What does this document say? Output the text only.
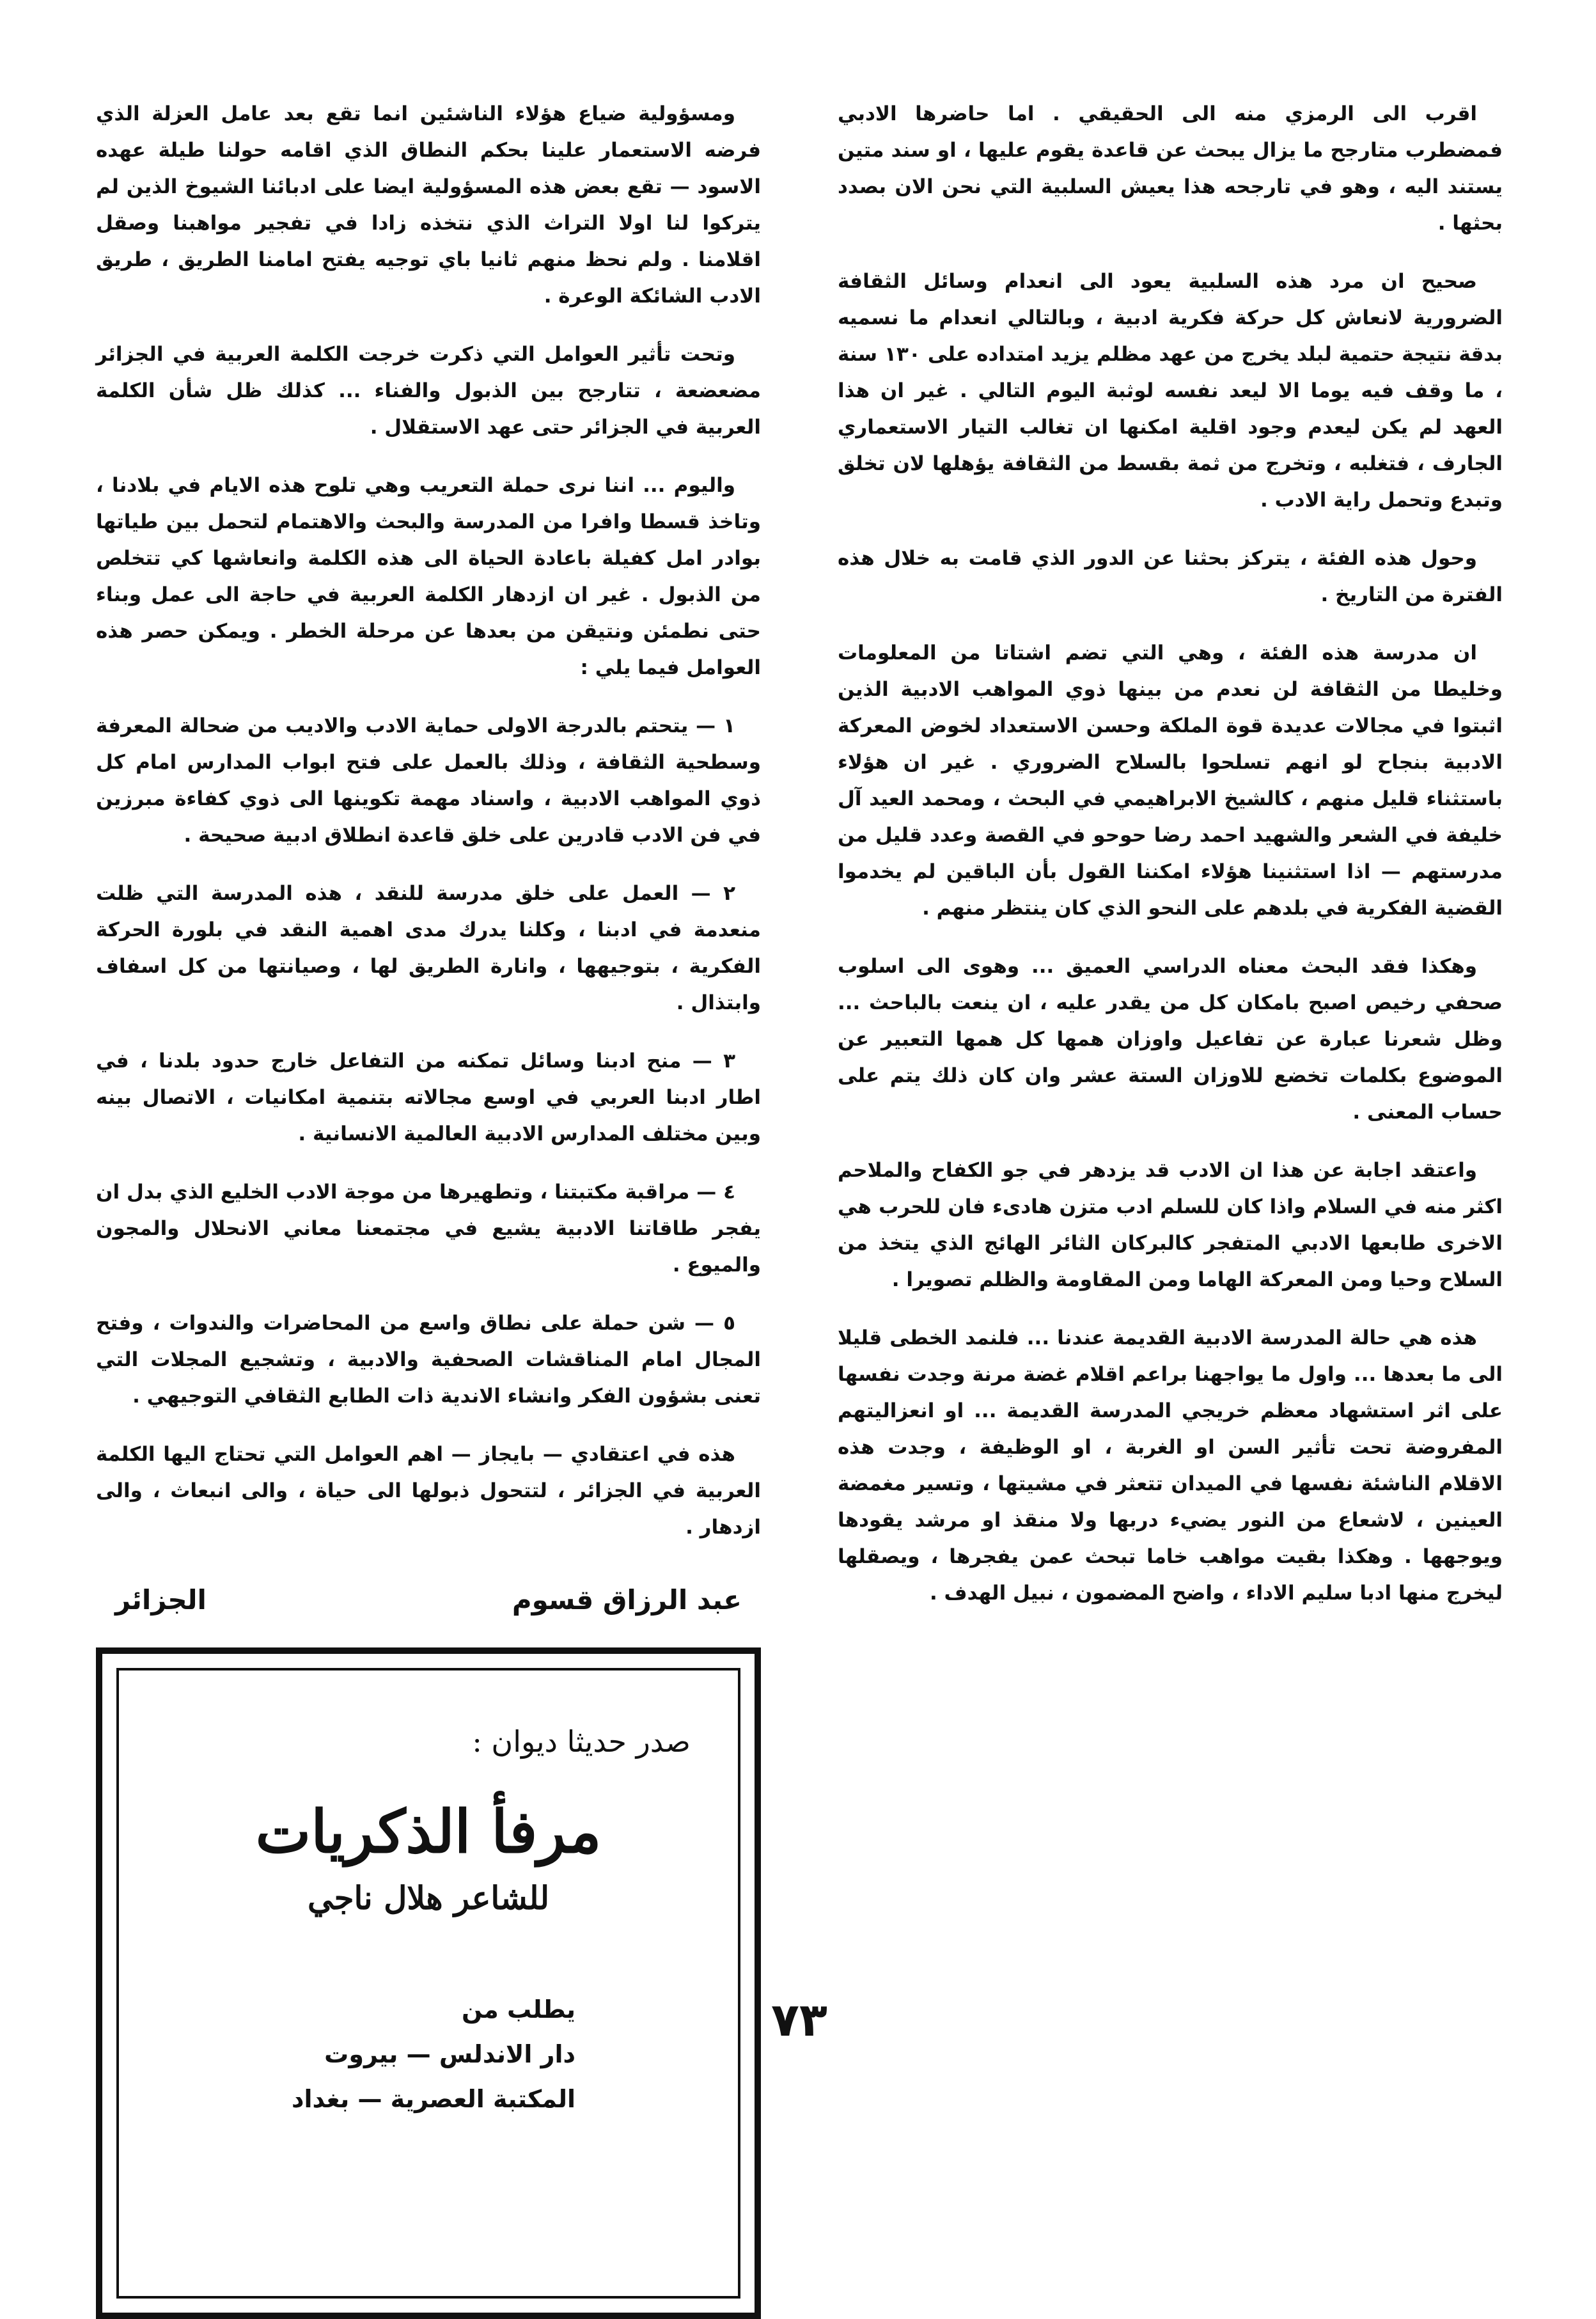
اقرب الى الرمزي منه الى الحقيقي . اما حاضرها الادبي فمضطرب متارجح ما يزال يبحث عن قاعدة يقوم عليها ، او سند متين يستند اليه ، وهو في تارجحه هذا يعيش السلبية التي نحن الان بصدد بحثها .

صحيح ان مرد هذه السلبية يعود الى انعدام وسائل الثقافة الضرورية لانعاش كل حركة فكرية ادبية ، وبالتالي انعدام ما نسميه بدقة نتيجة حتمية لبلد يخرج من عهد مظلم يزيد امتداده على ١٣٠ سنة ، ما وقف فيه يوما الا ليعد نفسه لوثبة اليوم التالي . غير ان هذا العهد لم يكن ليعدم وجود اقلية امكنها ان تغالب التيار الاستعماري الجارف ، فتغلبه ، وتخرج من ثمة بقسط من الثقافة يؤهلها لان تخلق وتبدع وتحمل راية الادب .

وحول هذه الفئة ، يتركز بحثنا عن الدور الذي قامت به خلال هذه الفترة من التاريخ .

ان مدرسة هذه الفئة ، وهي التي تضم اشتاتا من المعلومات وخليطا من الثقافة لن نعدم من بينها ذوي المواهب الادبية الذين اثبتوا في مجالات عديدة قوة الملكة وحسن الاستعداد لخوض المعركة الادبية بنجاح لو انهم تسلحوا بالسلاح الضروري . غير ان هؤلاء باستثناء قليل منهم ، كالشيخ الابراهيمي في البحث ، ومحمد العيد آل خليفة في الشعر والشهيد احمد رضا حوحو في القصة وعدد قليل من مدرستهم — اذا استثنينا هؤلاء امكننا القول بأن الباقين لم يخدموا القضية الفكرية في بلدهم على النحو الذي كان ينتظر منهم .

وهكذا فقد البحث معناه الدراسي العميق ... وهوى الى اسلوب صحفي رخيص اصبح بامكان كل من يقدر عليه ، ان ينعت بالباحث ... وظل شعرنا عبارة عن تفاعيل واوزان همها كل همها التعبير عن الموضوع بكلمات تخضع للاوزان الستة عشر وان كان ذلك يتم على حساب المعنى .

واعتقد اجابة عن هذا ان الادب قد يزدهر في جو الكفاح والملاحم اكثر منه في السلام واذا كان للسلم ادب متزن هادىء فان للحرب هي الاخرى طابعها الادبي المتفجر كالبركان الثائر الهائج الذي يتخذ من السلاح وحيا ومن المعركة الهاما ومن المقاومة والظلم تصويرا .

هذه هي حالة المدرسة الادبية القديمة عندنا ... فلنمد الخطى قليلا الى ما بعدها ... واول ما يواجهنا براعم اقلام غضة مرنة وجدت نفسها على اثر استشهاد معظم خريجي المدرسة القديمة ... او انعزاليتهم المفروضة تحت تأثير السن او الغربة ، او الوظيفة ، وجدت هذه الاقلام الناشئة نفسها في الميدان تتعثر في مشيتها ، وتسير مغمضة العينين ، لاشعاع من النور يضيء دربها ولا منقذ او مرشد يقودها ويوجهها . وهكذا بقيت مواهب خاما تبحث عمن يفجرها ، ويصقلها ليخرج منها ادبا سليم الاداء ، واضح المضمون ، نبيل الهدف .

ومسؤولية ضياع هؤلاء الناشئين انما تقع بعد عامل العزلة الذي فرضه الاستعمار علينا بحكم النطاق الذي اقامه حولنا طيلة عهده الاسود — تقع بعض هذه المسؤولية ايضا على ادبائنا الشيوخ الذين لم يتركوا لنا اولا التراث الذي نتخذه زادا في تفجير مواهبنا وصقل اقلامنا . ولم نحظ منهم ثانيا باي توجيه يفتح امامنا الطريق ، طريق الادب الشائكة الوعرة .

وتحت تأثير العوامل التي ذكرت خرجت الكلمة العربية في الجزائر مضعضعة ، تتارجح بين الذبول والفناء ... كذلك ظل شأن الكلمة العربية في الجزائر حتى عهد الاستقلال .

واليوم ... اننا نرى حملة التعريب وهي تلوح هذه الايام في بلادنا ، وتاخذ قسطا وافرا من المدرسة والبحث والاهتمام لتحمل بين طياتها بوادر امل كفيلة باعادة الحياة الى هذه الكلمة وانعاشها كي تتخلص من الذبول . غير ان ازدهار الكلمة العربية في حاجة الى عمل وبناء حتى نطمئن ونتيقن من بعدها عن مرحلة الخطر . ويمكن حصر هذه العوامل فيما يلي :

١ — يتحتم بالدرجة الاولى حماية الادب والاديب من ضحالة المعرفة وسطحية الثقافة ، وذلك بالعمل على فتح ابواب المدارس امام كل ذوي المواهب الادبية ، واسناد مهمة تكوينها الى ذوي كفاءة مبرزين في فن الادب قادرين على خلق قاعدة انطلاق ادبية صحيحة .

٢ — العمل على خلق مدرسة للنقد ، هذه المدرسة التي ظلت منعدمة في ادبنا ، وكلنا يدرك مدى اهمية النقد في بلورة الحركة الفكرية ، بتوجيهها ، وانارة الطريق لها ، وصيانتها من كل اسفاف وابتذال .

٣ — منح ادبنا وسائل تمكنه من التفاعل خارج حدود بلدنا ، في اطار ادبنا العربي في اوسع مجالاته بتنمية امكانيات ، الاتصال بينه وبين مختلف المدارس الادبية العالمية الانسانية .

٤ — مراقبة مكتبتنا ، وتطهيرها من موجة الادب الخليع الذي بدل ان يفجر طاقاتنا الادبية يشيع في مجتمعنا معاني الانحلال والمجون والميوع .

٥ — شن حملة على نطاق واسع من المحاضرات والندوات ، وفتح المجال امام المناقشات الصحفية والادبية ، وتشجيع المجلات التي تعنى بشؤون الفكر وانشاء الاندية ذات الطابع الثقافي التوجيهي .

هذه في اعتقادي — بايجاز — اهم العوامل التي تحتاج اليها الكلمة العربية في الجزائر ، لتتحول ذبولها الى حياة ، والى انبعاث ، والى ازدهار .

عبد الرزاق قسوم
الجزائر
صدر حديثا ديوان :
مرفأ الذكريات
للشاعر هلال ناجي
يطلب من
دار الاندلس — بيروت
المكتبة العصرية — بغداد
٧٣
